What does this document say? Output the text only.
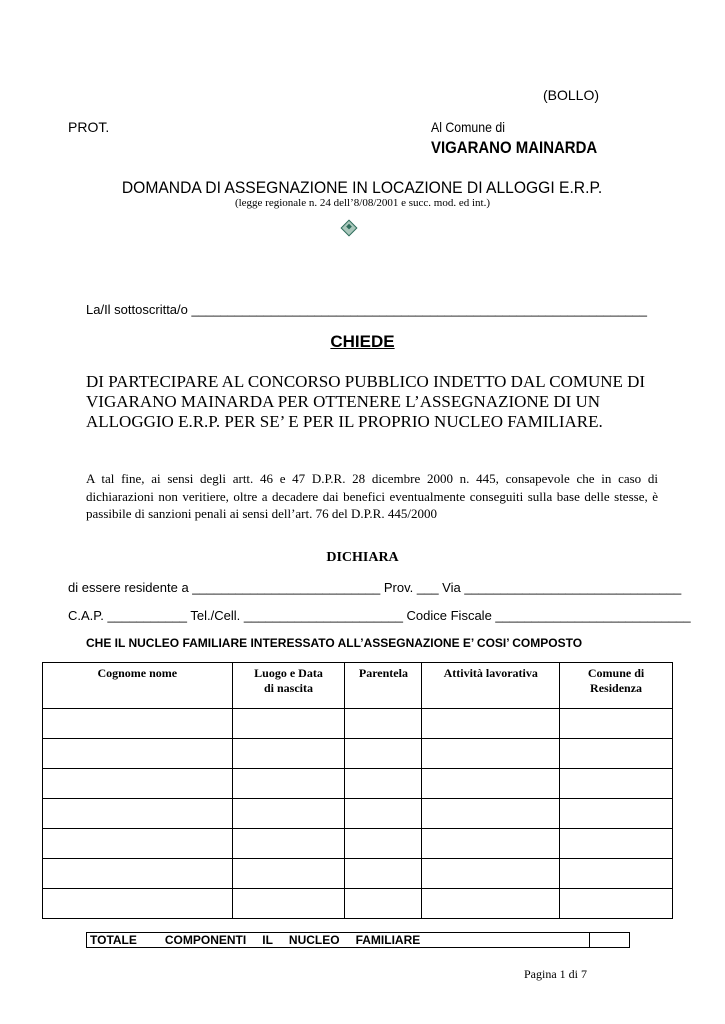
(BOLLO)
PROT.	Al Comune di
VIGARANO MAINARDA
DOMANDA DI ASSEGNAZIONE IN LOCAZIONE DI ALLOGGI E.R.P.
(legge regionale n. 24 dell’8/08/2001 e succ. mod. ed int.)
La/Il sottoscritta/o _______________________________________________________________
CHIEDE
DI PARTECIPARE AL CONCORSO PUBBLICO INDETTO DAL COMUNE DI VIGARANO MAINARDA PER OTTENERE L’ASSEGNAZIONE DI UN ALLOGGIO E.R.P. PER SE’ E PER IL PROPRIO NUCLEO FAMILIARE.
A tal fine, ai sensi degli artt. 46 e 47 D.P.R. 28 dicembre 2000 n. 445, consapevole che in caso di dichiarazioni non veritiere, oltre a decadere dai benefici eventualmente conseguiti sulla base delle stesse, è passibile di sanzioni penali ai sensi dell’art. 76 del D.P.R. 445/2000
DICHIARA
di essere residente a __________________________ Prov. ___ Via ______________________________
C.A.P. ___________ Tel./Cell. ______________________ Codice Fiscale ___________________________
CHE IL NUCLEO FAMILIARE INTERESSATO ALL’ASSEGNAZIONE E’ COSI’ COMPOSTO
Cognome nome	Luogo e Data di nascita	Parentela	Attività lavorativa	Comune di Residenza

TOTALE COMPONENTI IL NUCLEO FAMILIARE	
Pagina 1 di 7
